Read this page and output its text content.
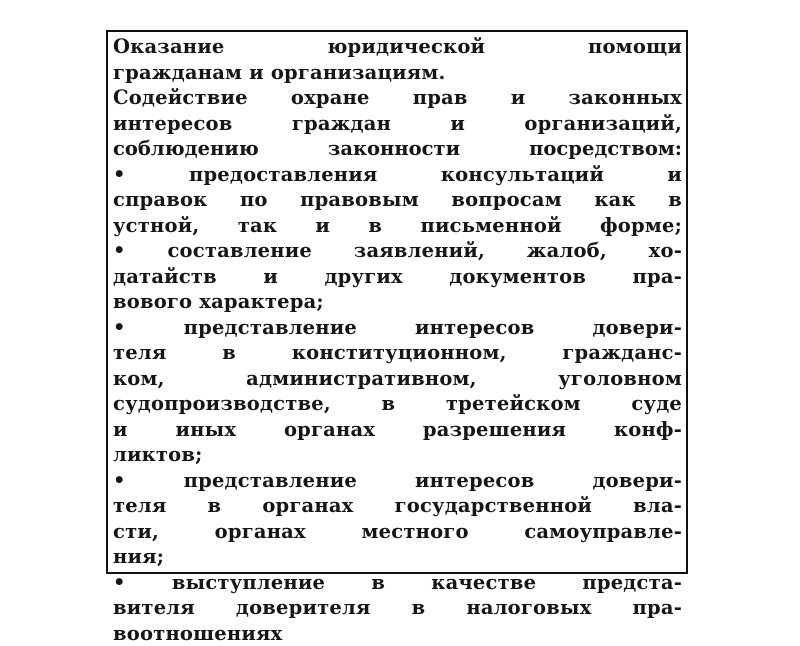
Оказание юридической помощи
гражданам и организациям.
Содействие охране прав и законных
интересов граждан и организаций,
соблюдению законности посредством:
• предоставления консультаций и
справок по правовым вопросам как в
устной, так и в письменной форме;
• составление заявлений, жалоб, хо-
датайств и других документов пра-
вового характера;
• представление интересов довери-
теля в конституционном, гражданс-
ком, административном, уголовном
судопроизводстве, в третейском суде
и иных органах разрешения конф-
ликтов;
• представление интересов довери-
теля в органах государственной вла-
сти, органах местного самоуправле-
ния;
• выступление в качестве предста-
вителя доверителя в налоговых пра-
воотношениях
